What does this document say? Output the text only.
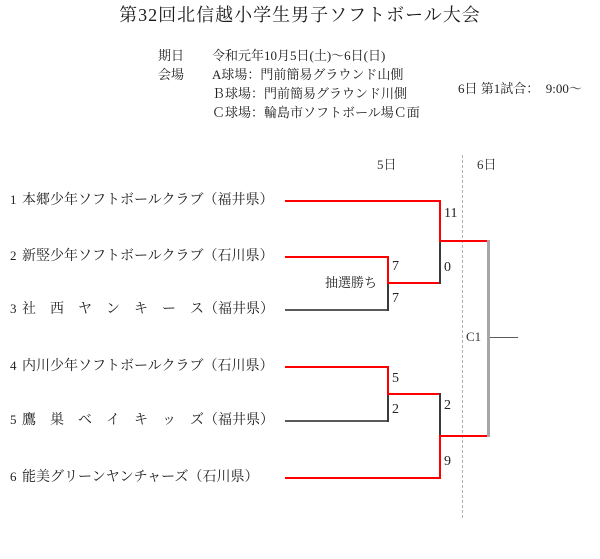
第32回北信越小学生男子ソフトボール大会
期日 令和元年10月5日(土)～6日(日)
会場 А球場：門前簡易グラウンド山側
Ｂ球場：門前簡易グラウンド川側
Ｃ球場：輪島市ソフトボール場Ｃ面
6日 第1試合：　9:00～
5日	6日
1 本郷少年ソフトボールクラブ（福井県）
2 新竪少年ソフトボールクラブ（石川県）
3 社　西　ヤ　ン　キ　ー　ス（福井県）
4 内川少年ソフトボールクラブ（石川県）
5 鷹　巣　ベ　イ　キ　ッ　ズ（福井県）
6 能美グリーンヤンチャーズ（石川県）
C1
11
0
7
7
5
2	2
9
抽選勝ち
